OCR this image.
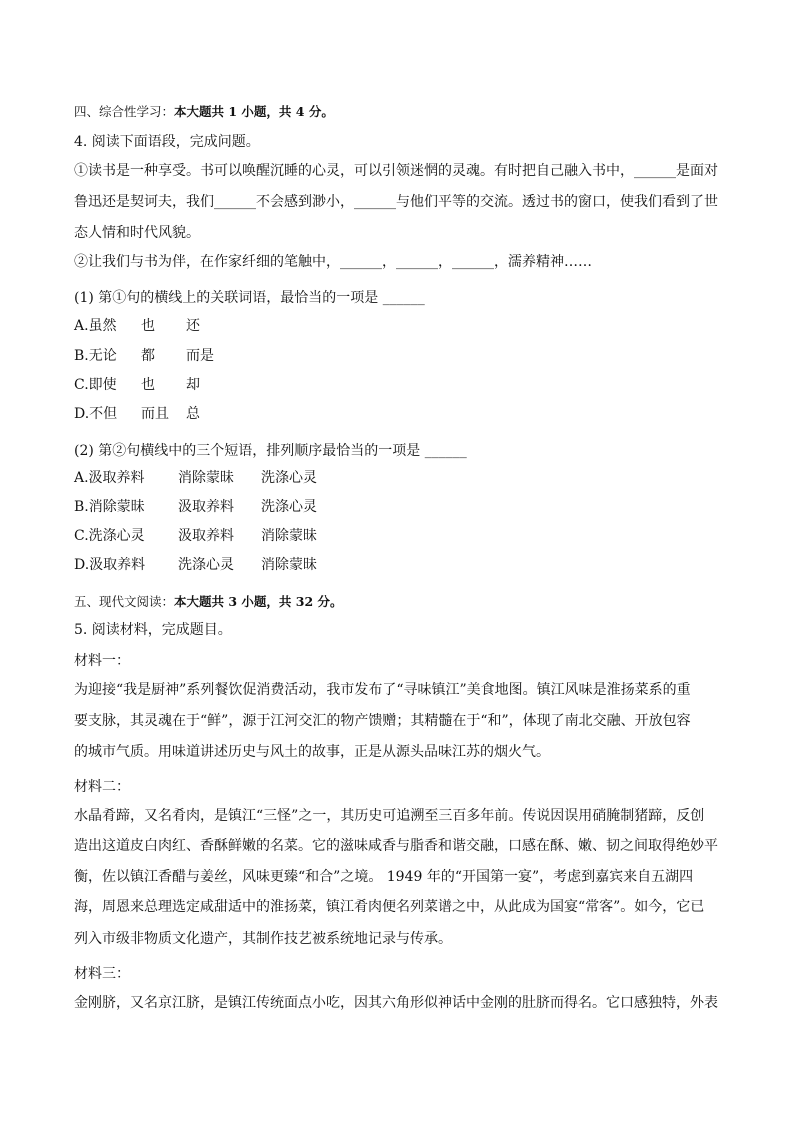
四、综合性学习：本大题共 1 小题，共 4 分。
4. 阅读下面语段，完成问题。
①读书是一种享受。书可以唤醒沉睡的心灵，可以引领迷惘的灵魂。有时把自己融入书中，______是面对
鲁迅还是契诃夫，我们______不会感到渺小，______与他们平等的交流。透过书的窗口，使我们看到了世
态人情和时代风貌。
②让我们与书为伴，在作家纤细的笔触中，______，______，______，濡养精神……
(1) 第①句的横线上的关联词语，最恰当的一项是 ______
A.虽然 也 还
B.无论 都 而是
C.即使 也 却
D.不但 而且 总
(2) 第②句横线中的三个短语，排列顺序最恰当的一项是 ______
A.汲取养料 消除蒙昧 洗涤心灵
B.消除蒙昧 汲取养料 洗涤心灵
C.洗涤心灵 汲取养料 消除蒙昧
D.汲取养料 洗涤心灵 消除蒙昧
五、现代文阅读：本大题共 3 小题，共 32 分。
5. 阅读材料，完成题目。
材料一：
为迎接“我是厨神”系列餐饮促消费活动，我市发布了“寻味镇江”美食地图。镇江风味是淮扬菜系的重
要支脉，其灵魂在于“鲜”，源于江河交汇的物产馈赠；其精髓在于“和”，体现了南北交融、开放包容
的城市气质。用味道讲述历史与风土的故事，正是从源头品味江苏的烟火气。
材料二：
水晶肴蹄，又名肴肉，是镇江“三怪”之一，其历史可追溯至三百多年前。传说因误用硝腌制猪蹄，反创
造出这道皮白肉红、香酥鲜嫩的名菜。它的滋味咸香与脂香和谐交融，口感在酥、嫩、韧之间取得绝妙平
衡，佐以镇江香醋与姜丝，风味更臻“和合”之境。 1949 年的“开国第一宴”，考虑到嘉宾来自五湖四
海，周恩来总理选定咸甜适中的淮扬菜，镇江肴肉便名列菜谱之中，从此成为国宴“常客”。如今，它已
列入市级非物质文化遗产，其制作技艺被系统地记录与传承。
材料三：
金刚脐，又名京江脐，是镇江传统面点小吃，因其六角形似神话中金刚的肚脐而得名。它口感独特，外表
